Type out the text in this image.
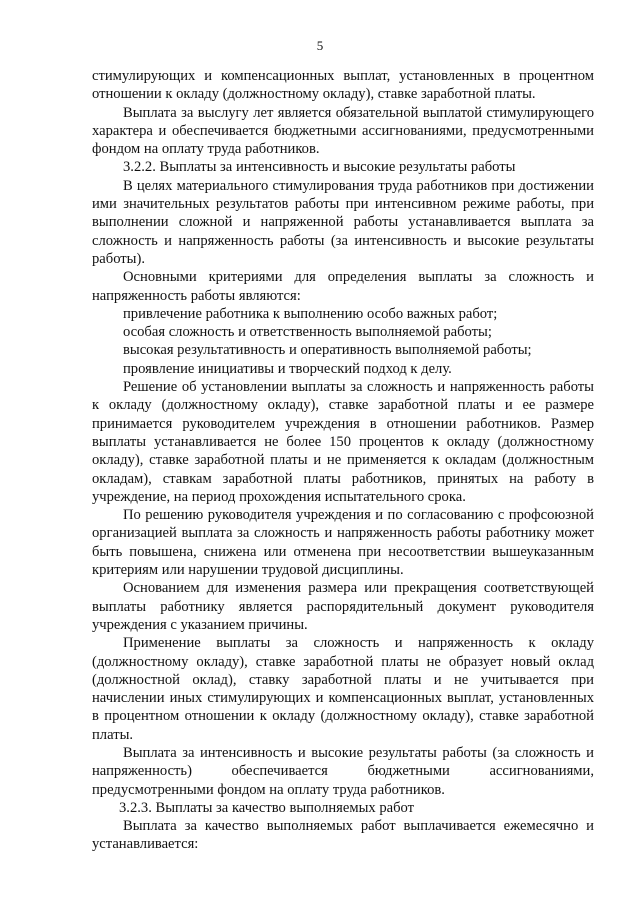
5

стимулирующих и компенсационных выплат, установленных в процентном отношении к окладу (должностному окладу), ставке заработной платы.

Выплата за выслугу лет является обязательной выплатой стимулирующего характера и обеспечивается бюджетными ассигнованиями, предусмотренными фондом на оплату труда работников.

3.2.2. Выплаты за интенсивность и высокие результаты работы

В целях материального стимулирования труда работников при достижении ими значительных результатов работы при интенсивном режиме работы, при выполнении сложной и напряженной работы устанавливается выплата за сложность и напряженность работы (за интенсивность и высокие результаты работы).

Основными критериями для определения выплаты за сложность и напряженность работы являются:

привлечение работника к выполнению особо важных работ;

особая сложность и ответственность выполняемой работы;

высокая результативность и оперативность выполняемой работы;

проявление инициативы и творческий подход к делу.

Решение об установлении выплаты за сложность и напряженность работы к окладу (должностному окладу), ставке заработной платы и ее размере принимается руководителем учреждения в отношении работников. Размер выплаты устанавливается не более 150 процентов к окладу (должностному окладу), ставке заработной платы и не применяется к окладам (должностным окладам), ставкам заработной платы работников, принятых на работу в учреждение, на период прохождения испытательного срока.

По решению руководителя учреждения и по согласованию с профсоюзной организацией выплата за сложность и напряженность работы работнику может быть повышена, снижена или отменена при несоответствии вышеуказанным критериям или нарушении трудовой дисциплины.

Основанием для изменения размера или прекращения соответствующей выплаты работнику является распорядительный документ руководителя учреждения с указанием причины.

Применение выплаты за сложность и напряженность к окладу (должностному окладу), ставке заработной платы не образует новый оклад (должностной оклад), ставку заработной платы и не учитывается при начислении иных стимулирующих и компенсационных выплат, установленных в процентном отношении к окладу (должностному окладу), ставке заработной платы.

Выплата за интенсивность и высокие результаты работы (за сложность и напряженность) обеспечивается бюджетными ассигнованиями, предусмотренными фондом на оплату труда работников.

3.2.3. Выплаты за качество выполняемых работ

Выплата за качество выполняемых работ выплачивается ежемесячно и устанавливается:
